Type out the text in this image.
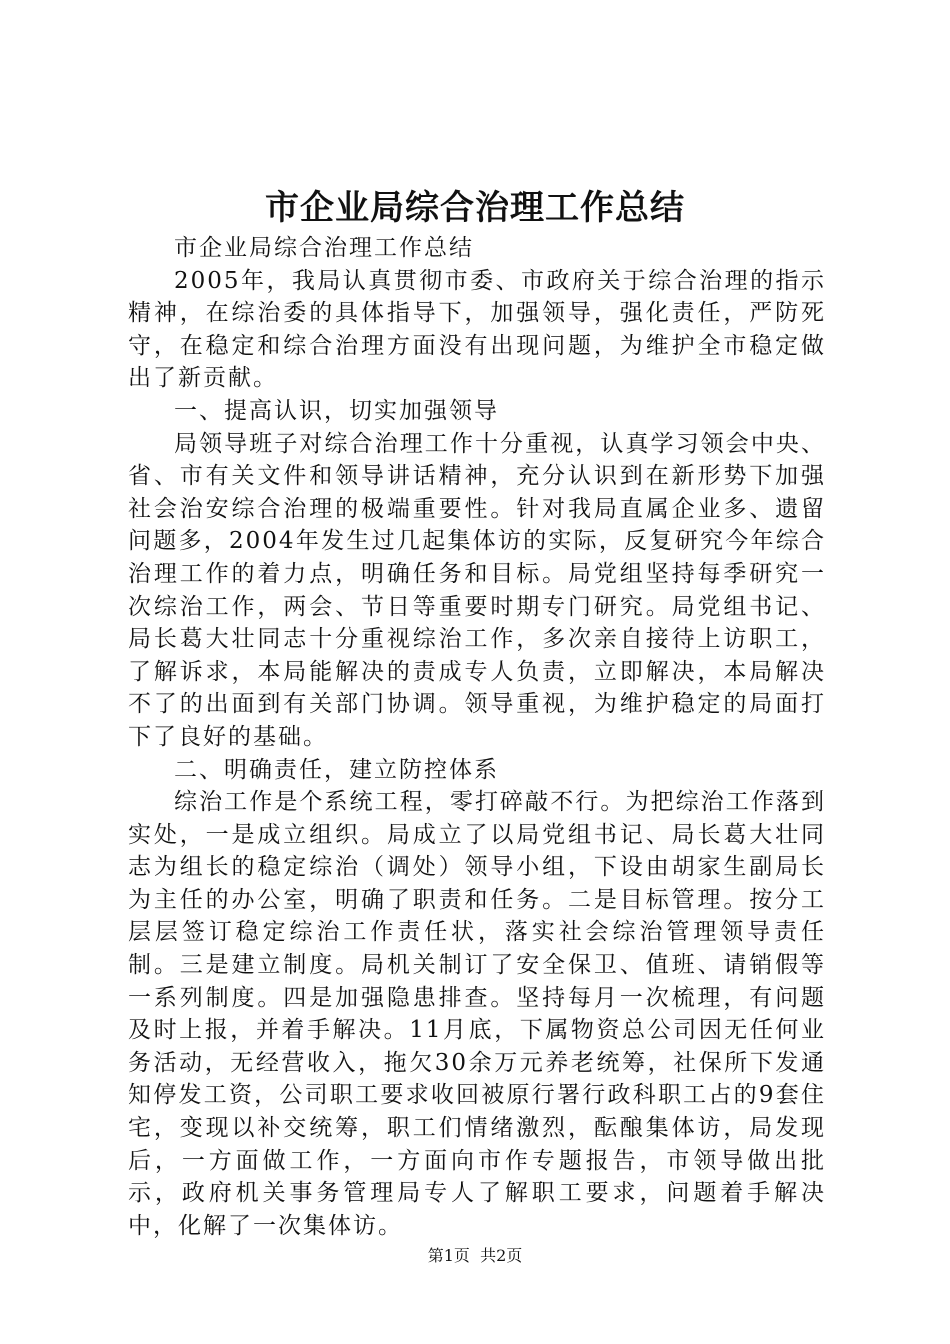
市企业局综合治理工作总结

市企业局综合治理工作总结

2005年，我局认真贯彻市委、市政府关于综合治理的指示精神，在综治委的具体指导下，加强领导，强化责任，严防死守，在稳定和综合治理方面没有出现问题，为维护全市稳定做出了新贡献。

一、提高认识，切实加强领导

局领导班子对综合治理工作十分重视，认真学习领会中央、省、市有关文件和领导讲话精神，充分认识到在新形势下加强社会治安综合治理的极端重要性。针对我局直属企业多、遗留问题多，2004年发生过几起集体访的实际，反复研究今年综合治理工作的着力点，明确任务和目标。局党组坚持每季研究一次综治工作，两会、节日等重要时期专门研究。局党组书记、局长葛大壮同志十分重视综治工作，多次亲自接待上访职工，了解诉求，本局能解决的责成专人负责，立即解决，本局解决不了的出面到有关部门协调。领导重视，为维护稳定的局面打下了良好的基础。

二、明确责任，建立防控体系

综治工作是个系统工程，零打碎敲不行。为把综治工作落到实处，一是成立组织。局成立了以局党组书记、局长葛大壮同志为组长的稳定综治（调处）领导小组，下设由胡家生副局长为主任的办公室，明确了职责和任务。二是目标管理。按分工层层签订稳定综治工作责任状，落实社会综治管理领导责任制。三是建立制度。局机关制订了安全保卫、值班、请销假等一系列制度。四是加强隐患排查。坚持每月一次梳理，有问题及时上报，并着手解决。11月底，下属物资总公司因无任何业务活动，无经营收入，拖欠30余万元养老统筹，社保所下发通知停发工资，公司职工要求收回被原行署行政科职工占的9套住宅，变现以补交统筹，职工们情绪激烈，酝酿集体访，局发现后，一方面做工作，一方面向市作专题报告，市领导做出批示，政府机关事务管理局专人了解职工要求，问题着手解决中，化解了一次集体访。

第1页 共2页
